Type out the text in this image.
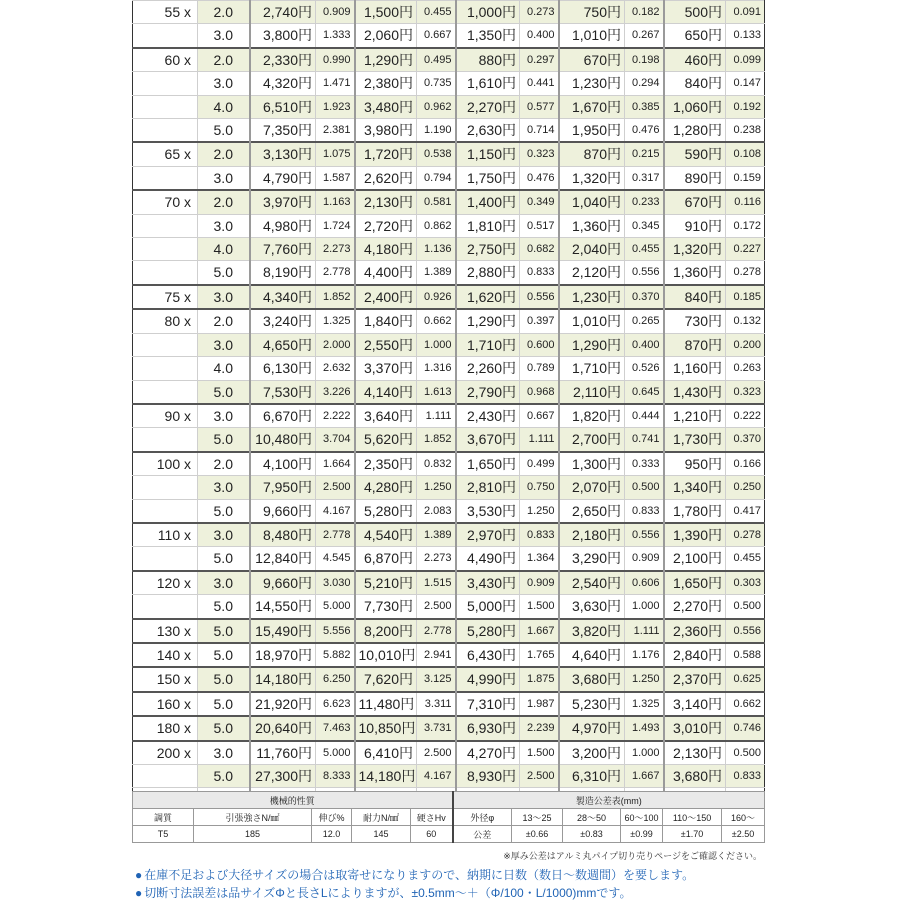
55 x	2.0	2,740円	0.909	1,500円	0.455	1,000円	0.273	750円	0.182	500円	0.091
	3.0	3,800円	1.333	2,060円	0.667	1,350円	0.400	1,010円	0.267	650円	0.133
60 x	2.0	2,330円	0.990	1,290円	0.495	880円	0.297	670円	0.198	460円	0.099
	3.0	4,320円	1.471	2,380円	0.735	1,610円	0.441	1,230円	0.294	840円	0.147
	4.0	6,510円	1.923	3,480円	0.962	2,270円	0.577	1,670円	0.385	1,060円	0.192
	5.0	7,350円	2.381	3,980円	1.190	2,630円	0.714	1,950円	0.476	1,280円	0.238
65 x	2.0	3,130円	1.075	1,720円	0.538	1,150円	0.323	870円	0.215	590円	0.108
	3.0	4,790円	1.587	2,620円	0.794	1,750円	0.476	1,320円	0.317	890円	0.159
70 x	2.0	3,970円	1.163	2,130円	0.581	1,400円	0.349	1,040円	0.233	670円	0.116
	3.0	4,980円	1.724	2,720円	0.862	1,810円	0.517	1,360円	0.345	910円	0.172
	4.0	7,760円	2.273	4,180円	1.136	2,750円	0.682	2,040円	0.455	1,320円	0.227
	5.0	8,190円	2.778	4,400円	1.389	2,880円	0.833	2,120円	0.556	1,360円	0.278
75 x	3.0	4,340円	1.852	2,400円	0.926	1,620円	0.556	1,230円	0.370	840円	0.185
80 x	2.0	3,240円	1.325	1,840円	0.662	1,290円	0.397	1,010円	0.265	730円	0.132
	3.0	4,650円	2.000	2,550円	1.000	1,710円	0.600	1,290円	0.400	870円	0.200
	4.0	6,130円	2.632	3,370円	1.316	2,260円	0.789	1,710円	0.526	1,160円	0.263
	5.0	7,530円	3.226	4,140円	1.613	2,790円	0.968	2,110円	0.645	1,430円	0.323
90 x	3.0	6,670円	2.222	3,640円	1.111	2,430円	0.667	1,820円	0.444	1,210円	0.222
	5.0	10,480円	3.704	5,620円	1.852	3,670円	1.111	2,700円	0.741	1,730円	0.370
100 x	2.0	4,100円	1.664	2,350円	0.832	1,650円	0.499	1,300円	0.333	950円	0.166
	3.0	7,950円	2.500	4,280円	1.250	2,810円	0.750	2,070円	0.500	1,340円	0.250
	5.0	9,660円	4.167	5,280円	2.083	3,530円	1.250	2,650円	0.833	1,780円	0.417
110 x	3.0	8,480円	2.778	4,540円	1.389	2,970円	0.833	2,180円	0.556	1,390円	0.278
	5.0	12,840円	4.545	6,870円	2.273	4,490円	1.364	3,290円	0.909	2,100円	0.455
120 x	3.0	9,660円	3.030	5,210円	1.515	3,430円	0.909	2,540円	0.606	1,650円	0.303
	5.0	14,550円	5.000	7,730円	2.500	5,000円	1.500	3,630円	1.000	2,270円	0.500
130 x	5.0	15,490円	5.556	8,200円	2.778	5,280円	1.667	3,820円	1.111	2,360円	0.556
140 x	5.0	18,970円	5.882	10,010円	2.941	6,430円	1.765	4,640円	1.176	2,840円	0.588
150 x	5.0	14,180円	6.250	7,620円	3.125	4,990円	1.875	3,680円	1.250	2,370円	0.625
160 x	5.0	21,920円	6.623	11,480円	3.311	7,310円	1.987	5,230円	1.325	3,140円	0.662
180 x	5.0	20,640円	7.463	10,850円	3.731	6,930円	2.239	4,970円	1.493	3,010円	0.746
200 x	3.0	11,760円	5.000	6,410円	2.500	4,270円	1.500	3,200円	1.000	2,130円	0.500
	5.0	27,300円	8.333	14,180円	4.167	8,930円	2.500	6,310円	1.667	3,680円	0.833

機械的性質					製造公差表(mm)					
調質	引張強さN/㎟	伸び%	耐力N/㎟	硬さHv	外径φ	13〜25	28〜50	60〜100	110〜150	160〜
T5	185	12.0	145	60	公差	±0.66	±0.83	±0.99	±1.70	±2.50
※厚み公差はアルミ丸パイプ切り売りページをご確認ください。
● 在庫不足および大径サイズの場合は取寄せになりますので、納期に日数（数日〜数週間）を要します。
● 切断寸法誤差は品サイズΦと長さLによりますが、±0.5mm〜＋（Φ/100・L/1000)mmです。
